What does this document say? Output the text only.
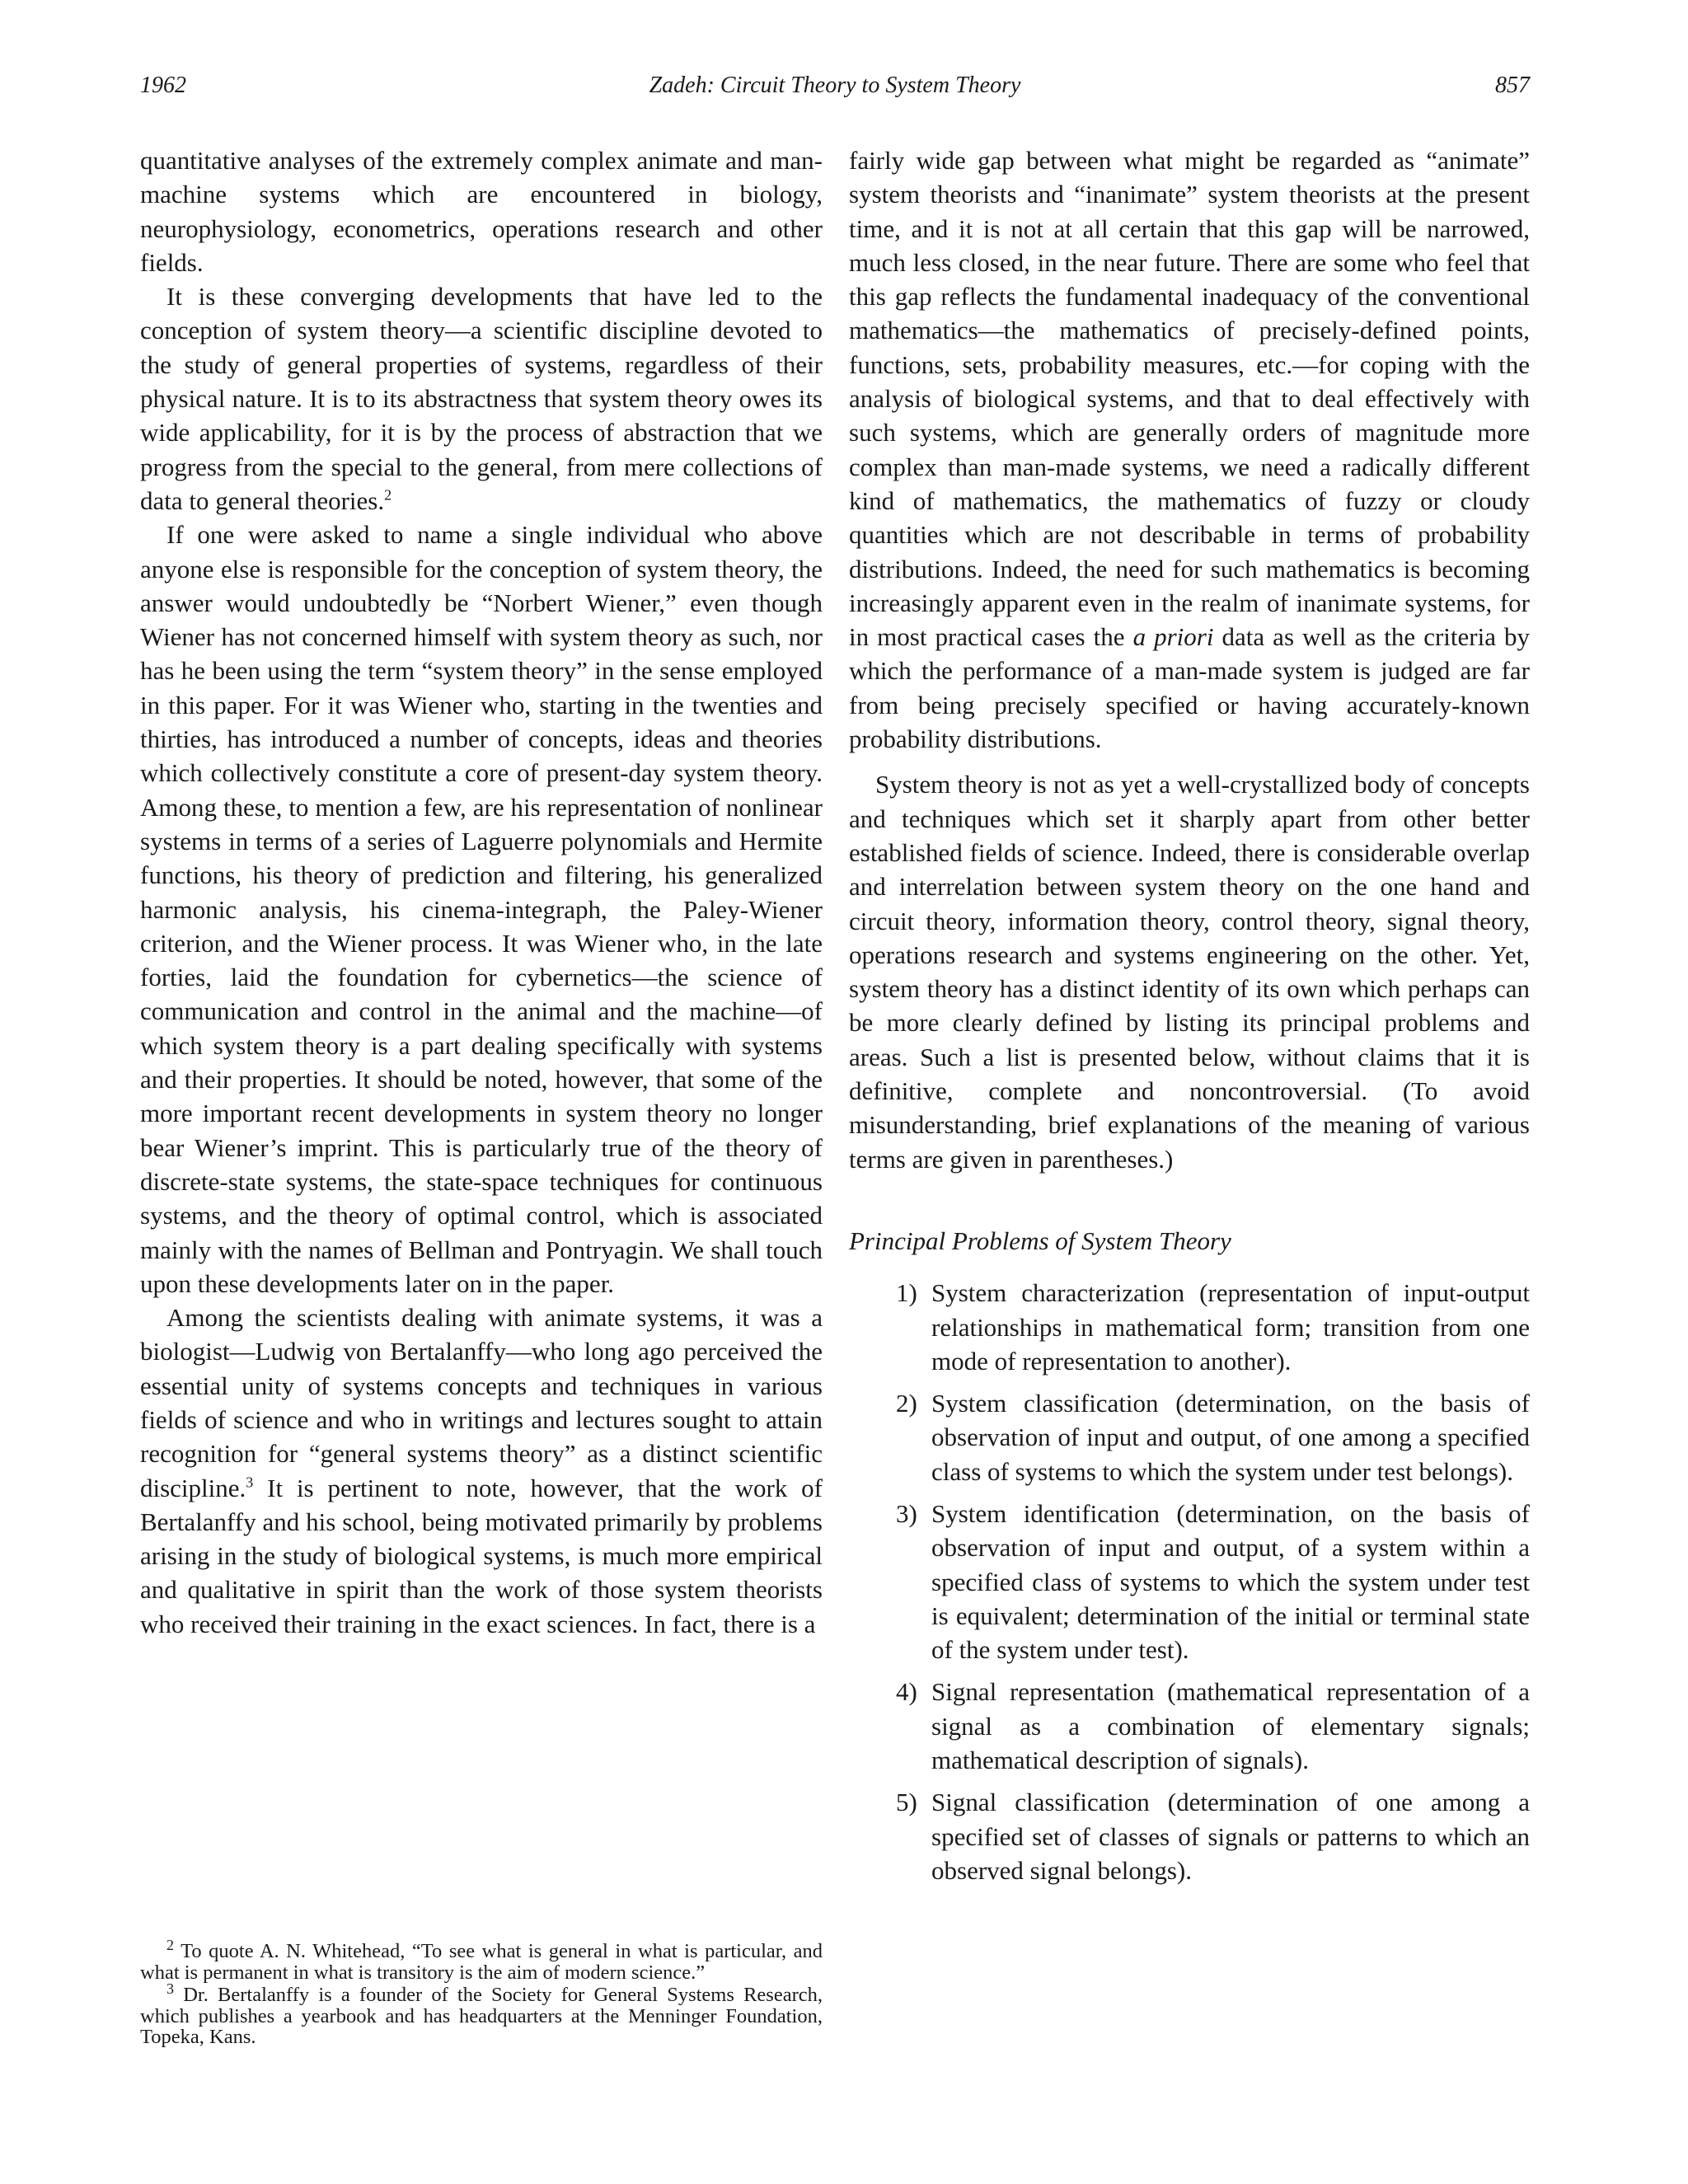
1962	Zadeh: Circuit Theory to System Theory	857

quantitative analyses of the extremely complex animate and man-machine systems which are encountered in biology, neurophysiology, econometrics, operations research and other fields.

It is these converging developments that have led to the conception of system theory—a scientific discipline devoted to the study of general properties of systems, regardless of their physical nature. It is to its abstractness that system theory owes its wide applicability, for it is by the process of abstraction that we progress from the special to the general, from mere collections of data to general theories.$^2$

If one were asked to name a single individual who above anyone else is responsible for the conception of system theory, the answer would undoubtedly be “Norbert Wiener,” even though Wiener has not concerned himself with system theory as such, nor has he been using the term “system theory” in the sense employed in this paper. For it was Wiener who, starting in the twenties and thirties, has introduced a number of concepts, ideas and theories which collectively constitute a core of present-day system theory. Among these, to mention a few, are his representation of nonlinear systems in terms of a series of Laguerre polynomials and Hermite functions, his theory of prediction and filtering, his generalized harmonic analysis, his cinema-integraph, the Paley-Wiener criterion, and the Wiener process. It was Wiener who, in the late forties, laid the foundation for cybernetics—the science of communication and control in the animal and the machine—of which system theory is a part dealing specifically with systems and their properties. It should be noted, however, that some of the more important recent developments in system theory no longer bear Wiener’s imprint. This is particularly true of the theory of discrete-state systems, the state-space techniques for continuous systems, and the theory of optimal control, which is associated mainly with the names of Bellman and Pontryagin. We shall touch upon these developments later on in the paper.

Among the scientists dealing with animate systems, it was a biologist—Ludwig von Bertalanffy—who long ago perceived the essential unity of systems concepts and techniques in various fields of science and who in writings and lectures sought to attain recognition for “general systems theory” as a distinct scientific discipline.$^3$ It is pertinent to note, however, that the work of Bertalanffy and his school, being motivated primarily by problems arising in the study of biological systems, is much more empirical and qualitative in spirit than the work of those system theorists who received their training in the exact sciences. In fact, there is a

$^2$ To quote A. N. Whitehead, “To see what is general in what is particular, and what is permanent in what is transitory is the aim of modern science.”

$^3$ Dr. Bertalanffy is a founder of the Society for General Systems Research, which publishes a yearbook and has headquarters at the Menninger Foundation, Topeka, Kans.

fairly wide gap between what might be regarded as “animate” system theorists and “inanimate” system theorists at the present time, and it is not at all certain that this gap will be narrowed, much less closed, in the near future. There are some who feel that this gap reflects the fundamental inadequacy of the conventional mathematics—the mathematics of precisely-defined points, functions, sets, probability measures, etc.—for coping with the analysis of biological systems, and that to deal effectively with such systems, which are generally orders of magnitude more complex than man-made systems, we need a radically different kind of mathematics, the mathematics of fuzzy or cloudy quantities which are not describable in terms of probability distributions. Indeed, the need for such mathematics is becoming increasingly apparent even in the realm of inanimate systems, for in most practical cases the a priori data as well as the criteria by which the performance of a man-made system is judged are far from being precisely specified or having accurately-known probability distributions.

System theory is not as yet a well-crystallized body of concepts and techniques which set it sharply apart from other better established fields of science. Indeed, there is considerable overlap and interrelation between system theory on the one hand and circuit theory, information theory, control theory, signal theory, operations research and systems engineering on the other. Yet, system theory has a distinct identity of its own which perhaps can be more clearly defined by listing its principal problems and areas. Such a list is presented below, without claims that it is definitive, complete and noncontroversial. (To avoid misunderstanding, brief explanations of the meaning of various terms are given in parentheses.)

Principal Problems of System Theory
1) System characterization (representation of input-output relationships in mathematical form; transition from one mode of representation to another).
2) System classification (determination, on the basis of observation of input and output, of one among a specified class of systems to which the system under test belongs).
3) System identification (determination, on the basis of observation of input and output, of a system within a specified class of systems to which the system under test is equivalent; determination of the initial or terminal state of the system under test).
4) Signal representation (mathematical representation of a signal as a combination of elementary signals; mathematical description of signals).
5) Signal classification (determination of one among a specified set of classes of signals or patterns to which an observed signal belongs).
